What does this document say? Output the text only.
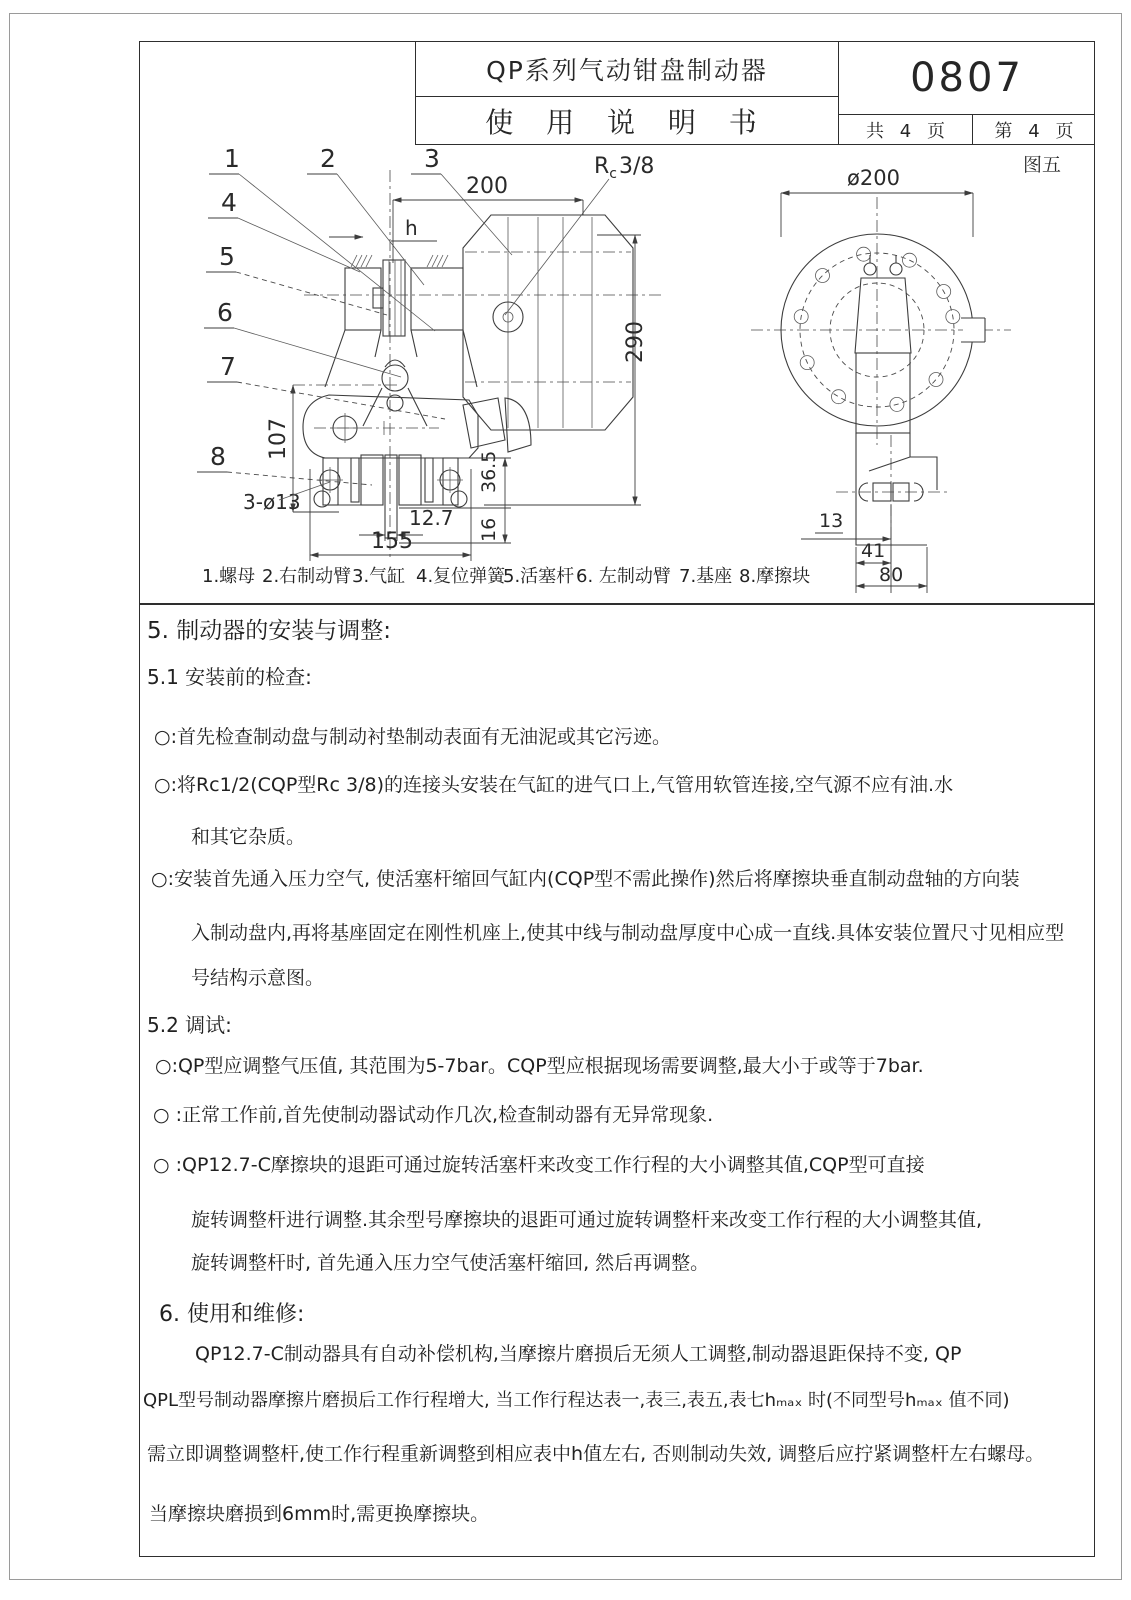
QP系列气动钳盘制动器
使 用 说 明 书
0807
共 4 页	第 4 页
1	2	3
4
5
6
7
8
$R_c3/8$
h
200
290
107
3-ø13
12.7
155
36.5
16
ø200
13
41
80
图五
1.螺母 2.右制动臂 3.气缸 4.复位弹簧
5.活塞杆 6. 左制动臂 7.基座 8.摩擦块
5. 制动器的安装与调整:
5.1 安装前的检查:
○:首先检查制动盘与制动衬垫制动表面有无油泥或其它污迹。
○:将Rc1/2(CQP型Rc 3/8)的连接头安装在气缸的进气口上,气管用软管连接,空气源不应有油.水
和其它杂质。
○:安装首先通入压力空气, 使活塞杆缩回气缸内(CQP型不需此操作)然后将摩擦块垂直制动盘轴的方向装
入制动盘内,再将基座固定在刚性机座上,使其中线与制动盘厚度中心成一直线.具体安装位置尺寸见相应型
号结构示意图。
5.2 调试:
○:QP型应调整气压值, 其范围为5-7bar。CQP型应根据现场需要调整,最大小于或等于7bar.
○ :正常工作前,首先使制动器试动作几次,检查制动器有无异常现象.
○ :QP12.7-C摩擦块的退距可通过旋转活塞杆来改变工作行程的大小调整其值,CQP型可直接
旋转调整杆进行调整.其余型号摩擦块的退距可通过旋转调整杆来改变工作行程的大小调整其值,
旋转调整杆时, 首先通入压力空气使活塞杆缩回, 然后再调整。
6. 使用和维修:
QP12.7-C制动器具有自动补偿机构,当摩擦片磨损后无须人工调整,制动器退距保持不变, QP
QPL型号制动器摩擦片磨损后工作行程增大, 当工作行程达表一,表三,表五,表七hₘₐₓ 时(不同型号hₘₐₓ 值不同)
需立即调整调整杆,使工作行程重新调整到相应表中h值左右, 否则制动失效, 调整后应拧紧调整杆左右螺母。
当摩擦块磨损到6mm时,需更换摩擦块。
